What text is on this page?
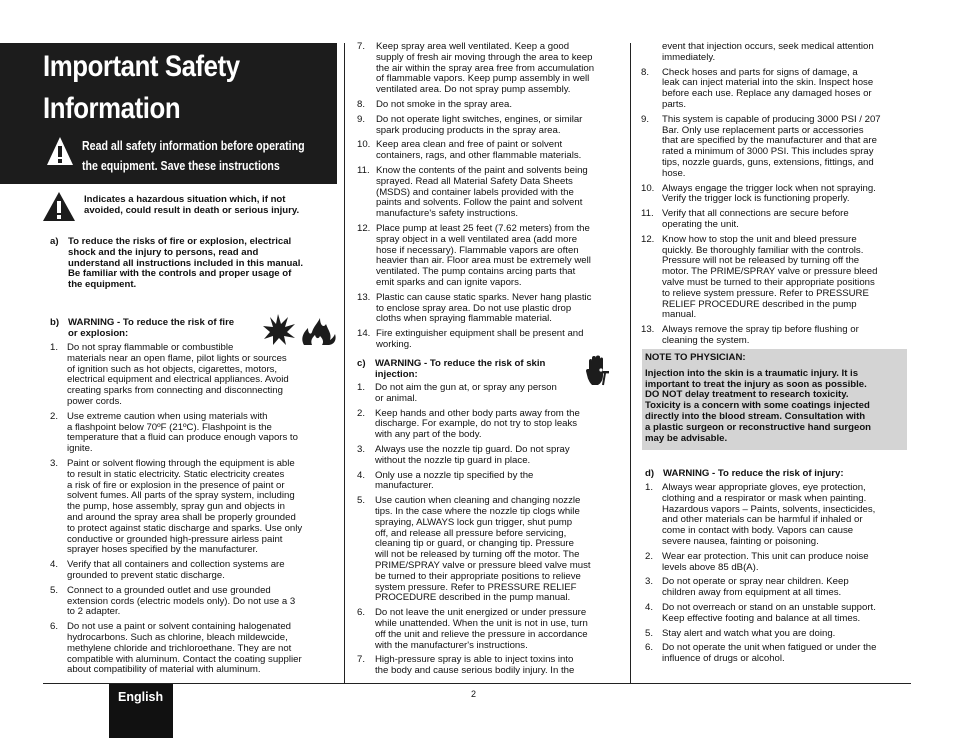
Important Safety
Information
Read all safety information before operating
the equipment. Save these instructions
Indicates a hazardous situation which, if not
avoided, could result in death or serious injury.
a) To reduce the risks of fire or explosion, electrical
shock and the injury to persons, read and
understand all instructions included in this manual.
Be familiar with the controls and proper usage of
the equipment.
b) WARNING - To reduce the risk of fire
or explosion:
1. Do not spray flammable or combustible
materials near an open flame, pilot lights or sources
of ignition such as hot objects, cigarettes, motors,
electrical equipment and electrical appliances. Avoid
creating sparks from connecting and disconnecting
power cords.
2. Use extreme caution when using materials with
a flashpoint below 70ºF (21ºC). Flashpoint is the
temperature that a fluid can produce enough vapors to
ignite.
3. Paint or solvent flowing through the equipment is able
to result in static electricity. Static electricity creates
a risk of fire or explosion in the presence of paint or
solvent fumes. All parts of the spray system, including
the pump, hose assembly, spray gun and objects in
and around the spray area shall be properly grounded
to protect against static discharge and sparks. Use only
conductive or grounded high-pressure airless paint
sprayer hoses specified by the manufacturer.
4. Verify that all containers and collection systems are
grounded to prevent static discharge.
5. Connect to a grounded outlet and use grounded
extension cords (electric models only). Do not use a 3
to 2 adapter.
6. Do not use a paint or solvent containing halogenated
hydrocarbons. Such as chlorine, bleach mildewcide,
methylene chloride and trichloroethane. They are not
compatible with aluminum. Contact the coating supplier
about compatibility of material with aluminum.
7. Keep spray area well ventilated. Keep a good
supply of fresh air moving through the area to keep
the air within the spray area free from accumulation
of flammable vapors. Keep pump assembly in well
ventilated area. Do not spray pump assembly.
8. Do not smoke in the spray area.
9. Do not operate light switches, engines, or similar
spark producing products in the spray area.
10. Keep area clean and free of paint or solvent
containers, rags, and other flammable materials.
11. Know the contents of the paint and solvents being
sprayed. Read all Material Safety Data Sheets
(MSDS) and container labels provided with the
paints and solvents. Follow the paint and solvent
manufacture's safety instructions.
12. Place pump at least 25 feet (7.62 meters) from the
spray object in a well ventilated area (add more
hose if necessary). Flammable vapors are often
heavier than air. Floor area must be extremely well
ventilated. The pump contains arcing parts that
emit sparks and can ignite vapors.
13. Plastic can cause static sparks. Never hang plastic
to enclose spray area. Do not use plastic drop
cloths when spraying flammable material.
14. Fire extinguisher equipment shall be present and
working.
c) WARNING - To reduce the risk of skin
injection:
1. Do not aim the gun at, or spray any person
or animal.
2. Keep hands and other body parts away from the
discharge. For example, do not try to stop leaks
with any part of the body.
3. Always use the nozzle tip guard. Do not spray
without the nozzle tip guard in place.
4. Only use a nozzle tip specified by the
manufacturer.
5. Use caution when cleaning and changing nozzle
tips. In the case where the nozzle tip clogs while
spraying, ALWAYS lock gun trigger, shut pump
off, and release all pressure before servicing,
cleaning tip or guard, or changing tip. Pressure
will not be released by turning off the motor. The
PRIME/SPRAY valve or pressure bleed valve must
be turned to their appropriate positions to relieve
system pressure. Refer to PRESSURE RELIEF
PROCEDURE described in the pump manual.
6. Do not leave the unit energized or under pressure
while unattended. When the unit is not in use, turn
off the unit and relieve the pressure in accordance
with the manufacturer's instructions.
7. High-pressure spray is able to inject toxins into
the body and cause serious bodily injury. In the
event that injection occurs, seek medical attention
immediately.
8. Check hoses and parts for signs of damage, a
leak can inject material into the skin. Inspect hose
before each use. Replace any damaged hoses or
parts.
9. This system is capable of producing 3000 PSI / 207
Bar. Only use replacement parts or accessories
that are specified by the manufacturer and that are
rated a minimum of 3000 PSI. This includes spray
tips, nozzle guards, guns, extensions, fittings, and
hose.
10. Always engage the trigger lock when not spraying.
Verify the trigger lock is functioning properly.
11. Verify that all connections are secure before
operating the unit.
12. Know how to stop the unit and bleed pressure
quickly. Be thoroughly familiar with the controls.
Pressure will not be released by turning off the
motor. The PRIME/SPRAY valve or pressure bleed
valve must be turned to their appropriate positions
to relieve system pressure. Refer to PRESSURE
RELIEF PROCEDURE described in the pump
manual.
13. Always remove the spray tip before flushing or
cleaning the system.
NOTE TO PHYSICIAN:
Injection into the skin is a traumatic injury. It is
important to treat the injury as soon as possible.
DO NOT delay treatment to research toxicity.
Toxicity is a concern with some coatings injected
directly into the blood stream. Consultation with
a plastic surgeon or reconstructive hand surgeon
may be advisable.
d) WARNING - To reduce the risk of injury:
1. Always wear appropriate gloves, eye protection,
clothing and a respirator or mask when painting.
Hazardous vapors – Paints, solvents, insecticides,
and other materials can be harmful if inhaled or
come in contact with body. Vapors can cause
severe nausea, fainting or poisoning.
2. Wear ear protection. This unit can produce noise
levels above 85 dB(A).
3. Do not operate or spray near children. Keep
children away from equipment at all times.
4. Do not overreach or stand on an unstable support.
Keep effective footing and balance at all times.
5. Stay alert and watch what you are doing.
6. Do not operate the unit when fatigued or under the
influence of drugs or alcohol.
English	2
